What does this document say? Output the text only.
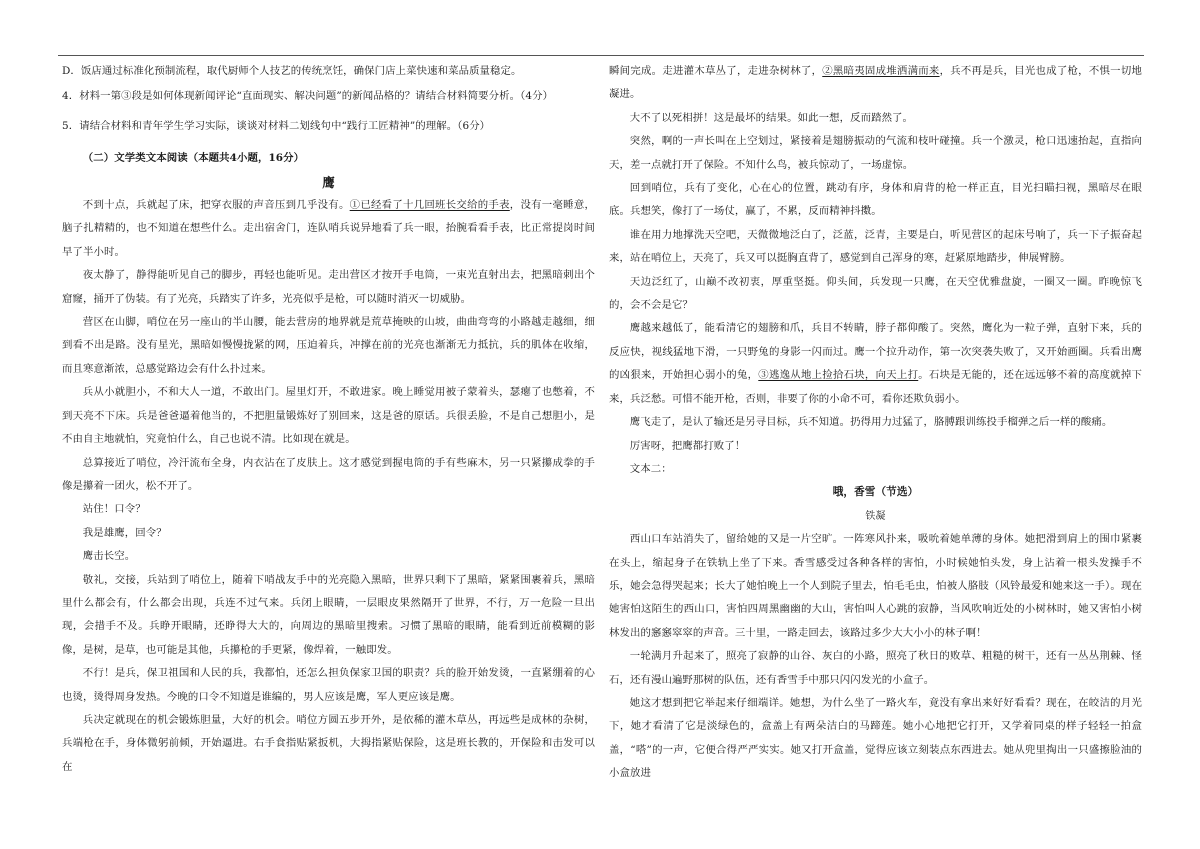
D．饭店通过标准化预制流程，取代厨师个人技艺的传统烹饪，确保门店上菜快速和菜品质量稳定。

4．材料一第③段是如何体现新闻评论“直面现实、解决问题”的新闻品格的？请结合材料简要分析。（4分）

5．请结合材料和青年学生学习实际，谈谈对材料二划线句中“践行工匠精神”的理解。（6分）

（二）文学类文本阅读（本题共4小题，16分）

鹰

不到十点，兵就起了床，把穿衣服的声音压到几乎没有。①已经看了十几回班长交给的手表，没有一毫睡意，脑子扎精精的，也不知道在想些什么。走出宿舍门，连队哨兵说异地看了兵一眼，抬腕看看手表，比正常提岗时间早了半小时。

夜太静了，静得能听见自己的脚步，再轻也能听见。走出营区才按开手电筒，一束光直射出去，把黑暗刺出个窟窿，捅开了伪装。有了光亮，兵踏实了许多，光亮似乎是枪，可以随时消灭一切威胁。

营区在山脚，哨位在另一座山的半山腰，能去营房的地界就是荒草掩映的山坡，曲曲弯弯的小路越走越细，细到看不出是路。没有星光，黑暗如慢慢拢紧的网，压迫着兵，冲撑在前的光亮也渐渐无力抵抗，兵的肌体在收缩，而且寒意渐浓，总感觉路边会有什么扑过来。

兵从小就胆小，不和大人一道，不敢出门。屋里灯开，不敢进家。晚上睡觉用被子蒙着头，瑟瘪了也憋着，不到天亮不下床。兵是爸爸逼着他当的，不把胆量锻炼好了别回来，这是爸的原话。兵很丢脸，不是自己想胆小，是不由自主地就怕，究竟怕什么，自己也说不清。比如现在就是。

总算接近了哨位，冷汗流布全身，内衣沾在了皮肤上。这才感觉到握电筒的手有些麻木，另一只紧攥成拳的手像是攥着一团火，松不开了。

站住！口令？

我是雄鹰，回令？

鹰击长空。

敬礼，交接，兵站到了哨位上，随着下哨战友手中的光亮隐入黑暗，世界只剩下了黑暗，紧紧围裹着兵，黑暗里什么都会有，什么都会出现，兵连不过气来。兵闭上眼睛，一层眼皮果然隔开了世界，不行，万一危险一旦出现，会措手不及。兵睁开眼睛，还睁得大大的，向周边的黑暗里搜索。习惯了黑暗的眼睛，能看到近前模糊的影像，是树，是草，也可能是其他，兵攥枪的手更紧，像焊着，一触即发。

不行！是兵，保卫祖国和人民的兵，我都怕，还怎么担负保家卫国的职责？兵的脸开始发烫，一直紧绷着的心也烫，烫得周身发热。今晚的口令不知道是谁编的，男人应该是鹰，军人更应该是鹰。

兵决定就现在的机会锻炼胆量，大好的机会。哨位方圆五步开外，是依稀的灌木草丛，再远些是成林的杂树，兵端枪在手，身体微躬前倾，开始逼进。右手食指贴紧扳机，大拇指紧贴保险，这是班长教的，开保险和击发可以在

瞬间完成。走进灌木草丛了，走进杂树林了，②黑暗夷固成堆洒满而来，兵不再是兵，目光也成了枪，不惧一切地凝进。

大不了以死相拼！这是最坏的结果。如此一想，反而踏然了。

突然，啊的一声长叫在上空划过，紧接着是翅膀振动的气流和枝叶碰撞。兵一个激灵，枪口迅速抬起，直指向天，差一点就打开了保险。不知什么鸟，被兵惊动了，一场虚惊。

回到哨位，兵有了变化，心在心的位置，跳动有序，身体和肩背的枪一样正直，目光扫瞄扫视，黑暗尽在眼底。兵想笑，像打了一场仗，赢了，不累，反而精神抖擞。

谁在用力地撑洗天空吧，天微微地泛白了，泛蓝，泛青，主要是白，听见营区的起床号响了，兵一下子振奋起来，站在哨位上，天亮了，兵又可以挺胸直背了，感觉到自己浑身的寒，赶紧原地踏步，伸展臂膀。

天边泛红了，山巅不改初衷，厚重坚挺。仰头间，兵发现一只鹰，在天空优雅盘旋，一圈又一圈。昨晚惊飞的，会不会是它？

鹰越来越低了，能看清它的翅膀和爪，兵目不转睛，脖子都仰酸了。突然，鹰化为一粒子弹，直射下来，兵的反应快，视线猛地下滑，一只野兔的身影一闪而过。鹰一个拉升动作，第一次突袭失败了，又开始画圈。兵看出鹰的凶狠来，开始担心弱小的兔，③逃逸从地上捡拾石块，向天上打。石块是无能的，还在远远够不着的高度就掉下来，兵泛愁。可惜不能开枪，否则，非要了你的小命不可，看你还欺负弱小。

鹰飞走了，是认了输还是另寻目标，兵不知道。扔得用力过猛了，胳膊跟训练投手榴弹之后一样的酸痛。

厉害呀，把鹰都打败了！

文本二：

哦，香雪（节选）

铁凝

西山口车站消失了，留给她的又是一片空旷。一阵寒风扑来，吸吮着她单薄的身体。她把滑到肩上的围巾紧裹在头上，缩起身子在铁轨上坐了下来。香雪感受过各种各样的害怕，小时候她怕头发，身上沾着一根头发操手不乐，她会急得哭起来；长大了她怕晚上一个人到院子里去，怕毛毛虫，怕被人胳肢（风铃最爱和她来这一手）。现在她害怕这陌生的西山口，害怕四周黑幽幽的大山，害怕叫人心跳的寂静，当风吹响近处的小树林时，她又害怕小树林发出的窸窸窣窣的声音。三十里，一路走回去，该路过多少大大小小的林子啊！

一轮满月升起来了，照亮了寂静的山谷、灰白的小路，照亮了秋日的败草、粗糙的树干，还有一丛丛荆棘、怪石，还有漫山遍野那树的队伍，还有香雪手中那只闪闪发光的小盒子。

她这才想到把它举起来仔细端详。她想，为什么坐了一路火车，竟没有拿出来好好看看？现在，在皎洁的月光下，她才看清了它是淡绿色的，盒盖上有两朵洁白的马蹄莲。她小心地把它打开，又学着同桌的样子轻轻一拍盒盖，“嗒”的一声，它便合得严严实实。她又打开盒盖，觉得应该立刻装点东西进去。她从兜里掏出一只盛擦脸油的小盒放进
